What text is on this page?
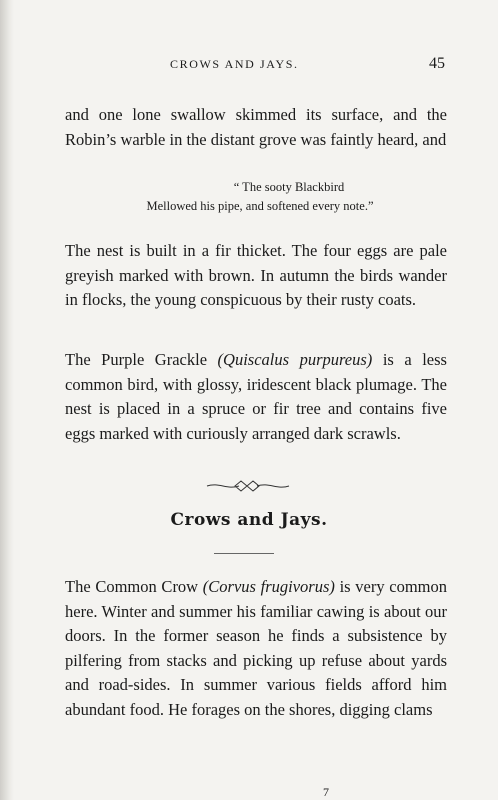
CROWS AND JAYS.	45

and one lone swallow skimmed its surface, and the Robin’s warble in the distant grove was faintly heard, and

“ The sooty Blackbird
Mellowed his pipe, and softened every note.”

The nest is built in a fir thicket. The four eggs are pale greyish marked with brown. In autumn the birds wander in flocks, the young conspicuous by their rusty coats.

The Purple Grackle (Quiscalus purpureus) is a less common bird, with glossy, iridescent black plumage. The nest is placed in a spruce or fir tree and contains five eggs marked with curiously arranged dark scrawls.

Crows and Jays.

The Common Crow (Corvus frugivorus) is very common here. Winter and summer his familiar cawing is about our doors. In the former season he finds a subsistence by pilfering from stacks and picking up refuse about yards and road-sides. In summer various fields afford him abundant food. He forages on the shores, digging clams

7
